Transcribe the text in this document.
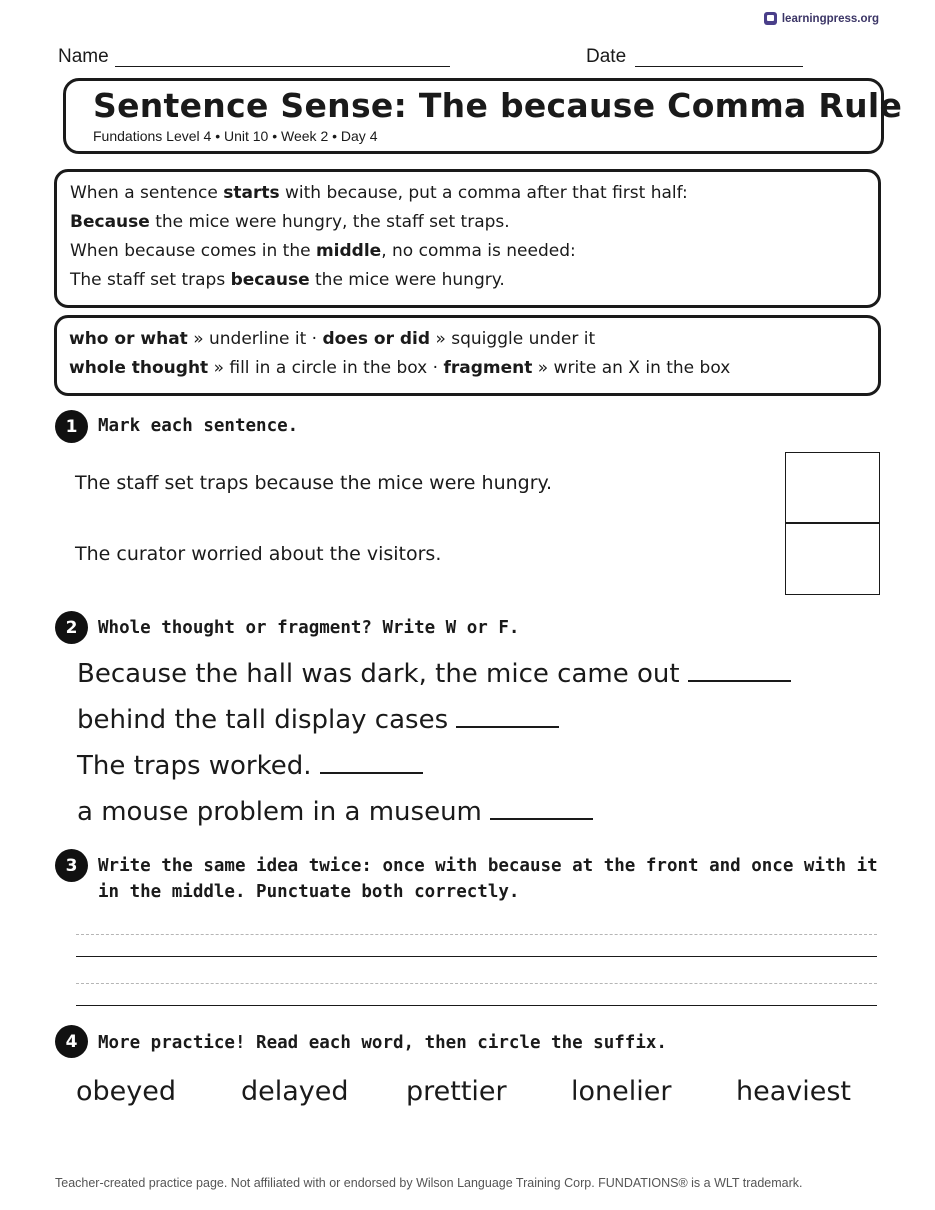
learningpress.org
Name	Date
Sentence Sense: The because Comma Rule
Fundations Level 4 • Unit 10 • Week 2 • Day 4
When a sentence starts with because, put a comma after that first half:
Because the mice were hungry, the staff set traps.
When because comes in the middle, no comma is needed:
The staff set traps because the mice were hungry.
who or what » underline it · does or did » squiggle under it
whole thought » fill in a circle in the box · fragment » write an X in the box
1	Mark each sentence.
The staff set traps because the mice were hungry.
The curator worried about the visitors.
2	Whole thought or fragment? Write W or F.
Because the hall was dark, the mice came out
behind the tall display cases
The traps worked.
a mouse problem in a museum
3	Write the same idea twice: once with because at the front and once with it in the middle. Punctuate both correctly.
4	More practice! Read each word, then circle the suffix.
obeyed delayed prettier lonelier heaviest
Teacher-created practice page. Not affiliated with or endorsed by Wilson Language Training Corp. FUNDATIONS® is a WLT trademark.
